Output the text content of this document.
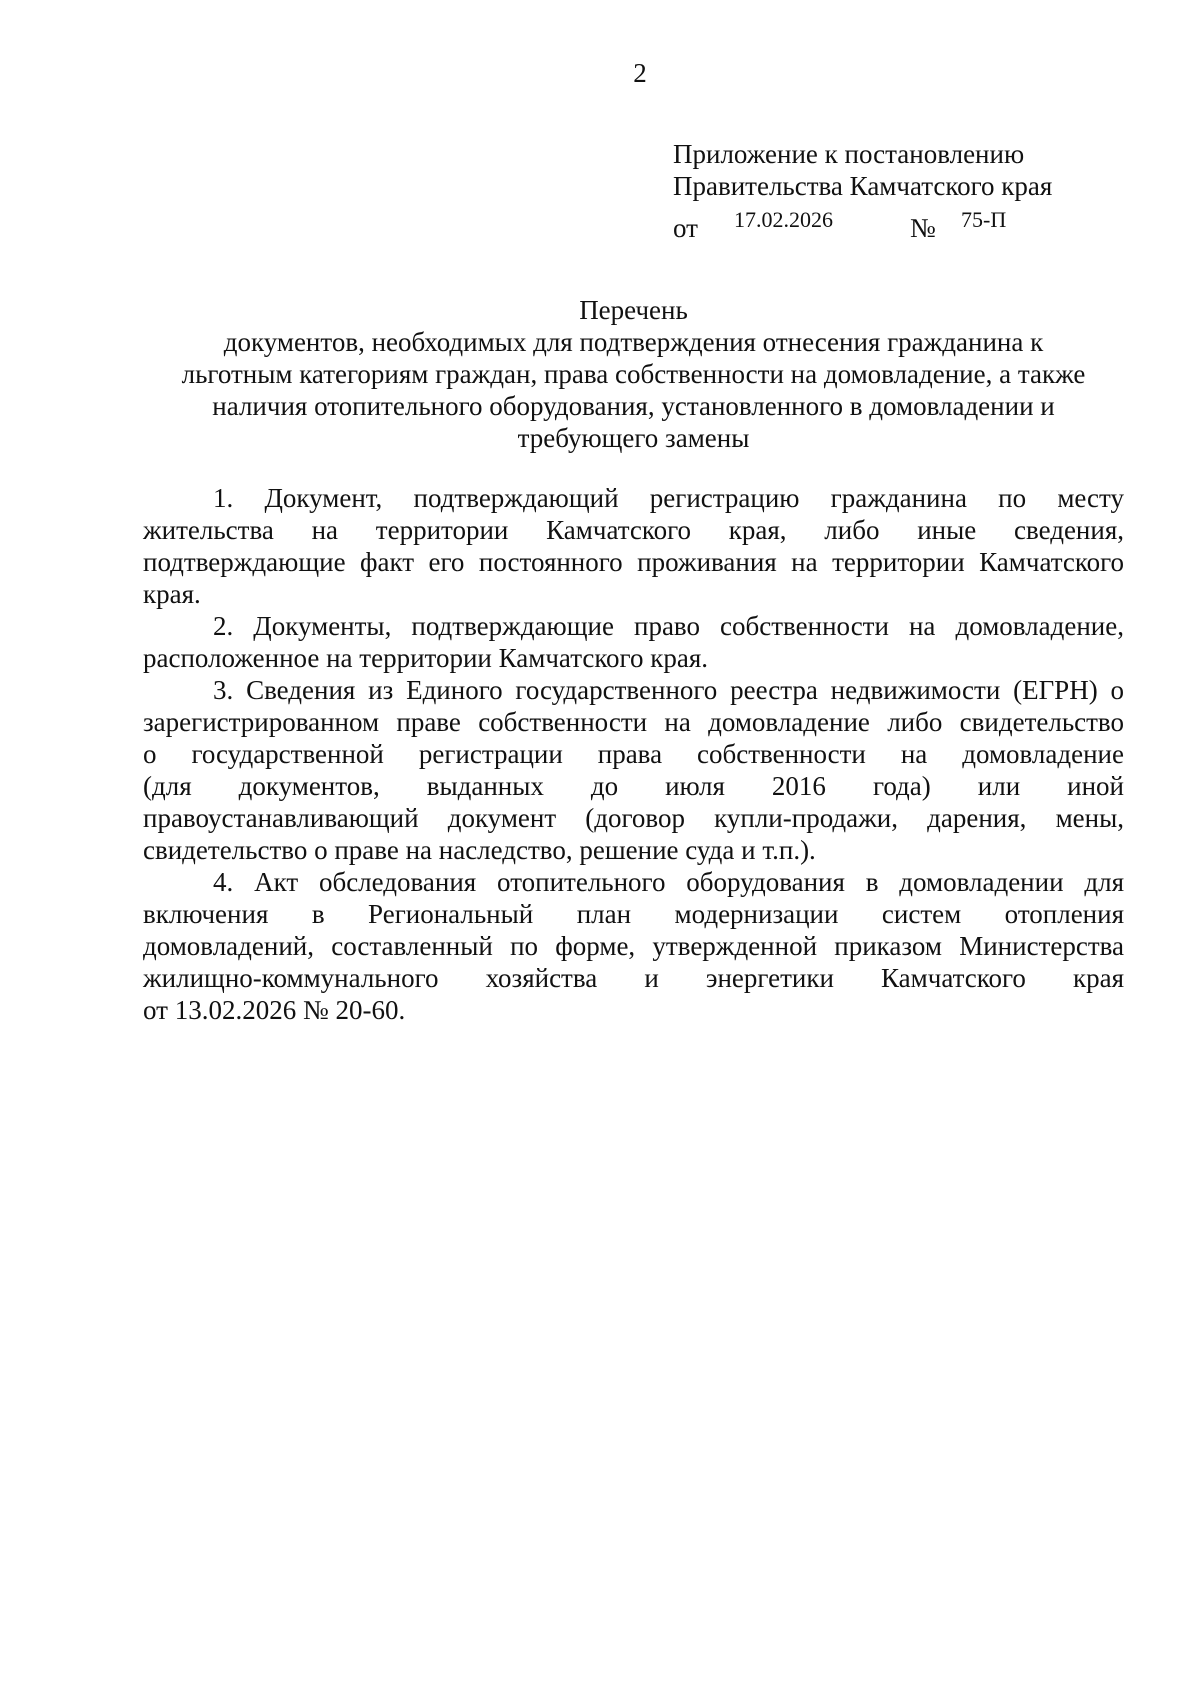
2
Приложение к постановлению
Правительства Камчатского края
от 17.02.2026	№ 75-П
Перечень
документов, необходимых для подтверждения отнесения гражданина к
льготным категориям граждан, права собственности на домовладение, а также
наличия отопительного оборудования, установленного в домовладении и
требующего замены
1. Документ, подтверждающий регистрацию гражданина по месту
жительства на территории Камчатского края, либо иные сведения,
подтверждающие факт его постоянного проживания на территории Камчатского
края.
2. Документы, подтверждающие право собственности на домовладение,
расположенное на территории Камчатского края.
3. Сведения из Единого государственного реестра недвижимости (ЕГРН) о
зарегистрированном праве собственности на домовладение либо свидетельство
о государственной регистрации права собственности на домовладение
(для документов, выданных до июля 2016 года) или иной
правоустанавливающий документ (договор купли-продажи, дарения, мены,
свидетельство о праве на наследство, решение суда и т.п.).
4. Акт обследования отопительного оборудования в домовладении для
включения в Региональный план модернизации систем отопления
домовладений, составленный по форме, утвержденной приказом Министерства
жилищно-коммунального хозяйства и энергетики Камчатского края
от 13.02.2026 № 20-60.
